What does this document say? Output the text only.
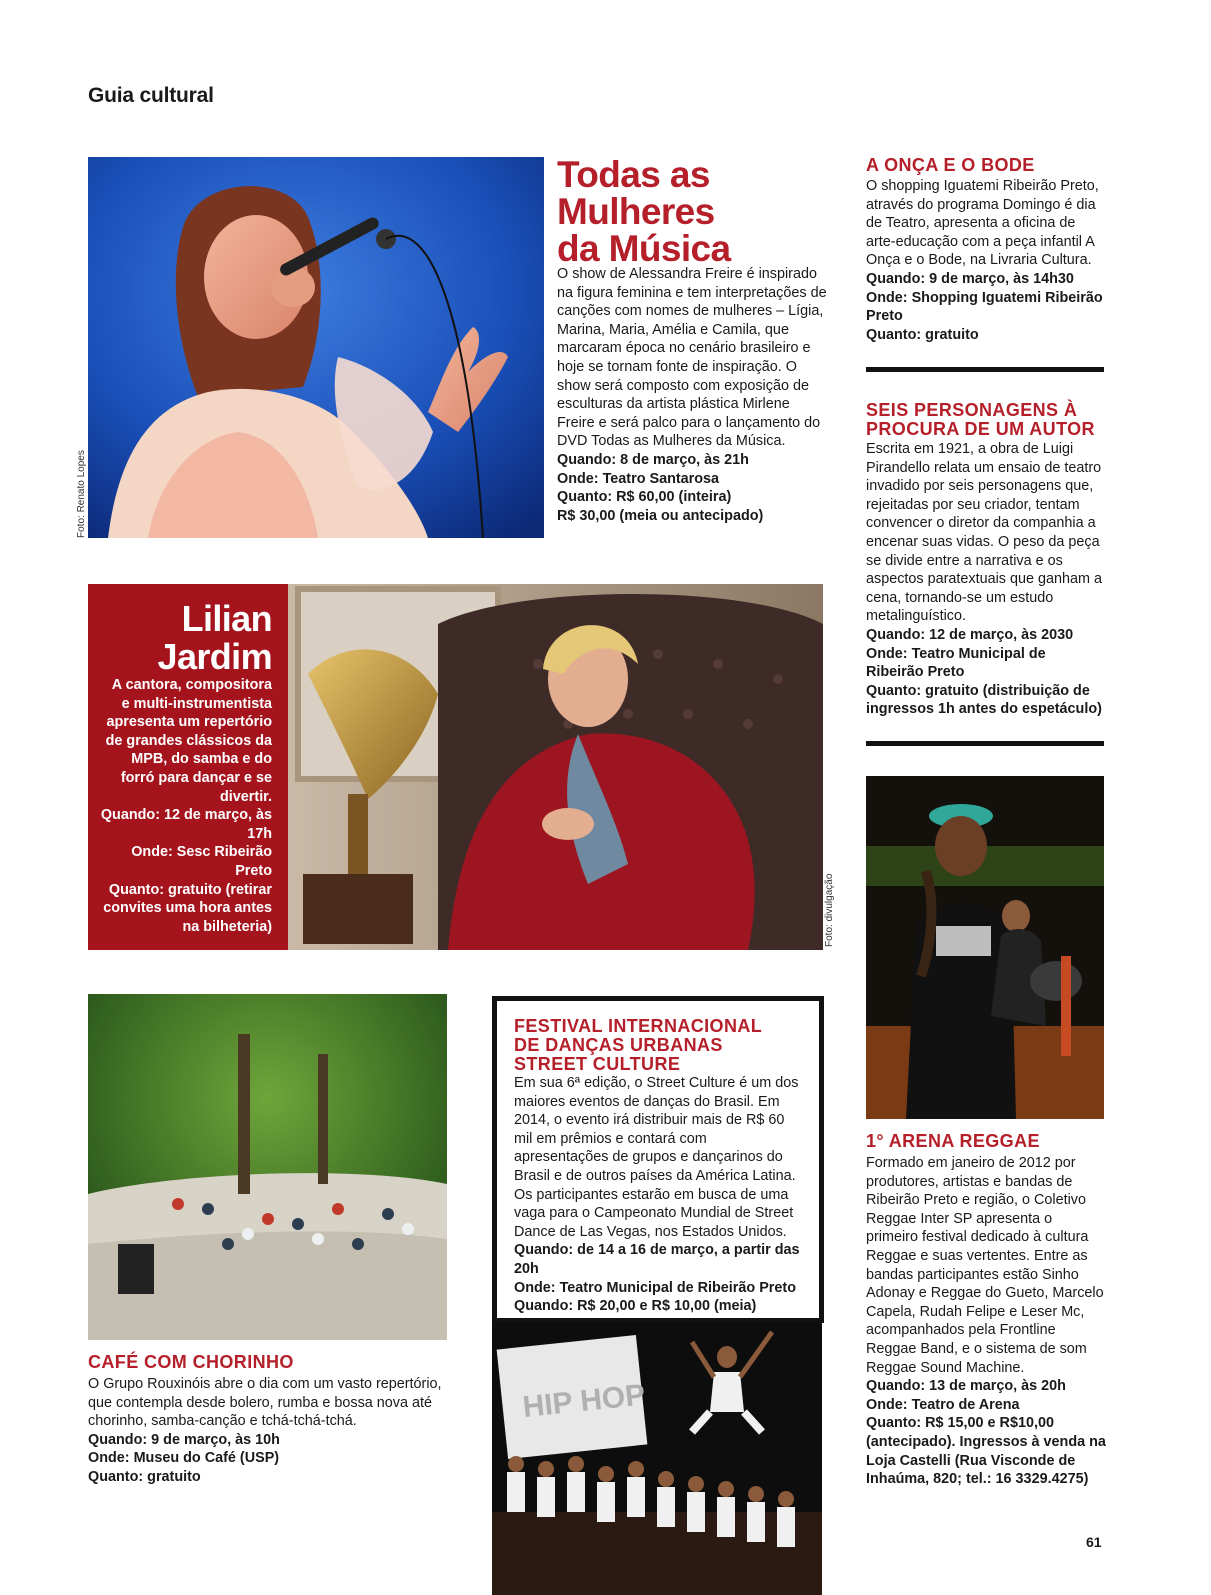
Guia cultural
Foto: Renato Lopes
Todas as
Mulheres
da Música

O show de Alessandra Freire é inspirado na figura feminina e tem interpretações de canções com nomes de mulheres – Lígia, Marina, Maria, Amélia e Camila, que marcaram época no cenário brasileiro e hoje se tornam fonte de inspiração. O show será composto com exposição de esculturas da artista plástica Mirlene Freire e será palco para o lançamento do DVD Todas as Mulheres da Música.

Quando: 8 de março, às 21h

Onde: Teatro Santarosa

Quanto: R$ 60,00 (inteira)

R$ 30,00 (meia ou antecipado)

Lilian
Jardim

A cantora, compositora e multi-instrumentista apresenta um repertório de grandes clássicos da MPB, do samba e do forró para dançar e se divertir.

Quando: 12 de março, às 17h

Onde: Sesc Ribeirão Preto

Quanto: gratuito (retirar convites uma hora antes na bilheteria)	Foto: divulgação
A ONÇA E O BODE

O shopping Iguatemi Ribeirão Preto, através do programa Domingo é dia de Teatro, apresenta a oficina de arte-educação com a peça infantil A Onça e o Bode, na Livraria Cultura.

Quando: 9 de março, às 14h30

Onde: Shopping Iguatemi Ribeirão Preto

Quanto: gratuito

SEIS PERSONAGENS À PROCURA DE UM AUTOR

Escrita em 1921, a obra de Luigi Pirandello relata um ensaio de teatro invadido por seis personagens que, rejeitadas por seu criador, tentam convencer o diretor da companhia a encenar suas vidas. O peso da peça se divide entre a narrativa e os aspectos paratextuais que ganham a cena, tornando-se um estudo metalinguístico.

Quando: 12 de março, às 2030

Onde: Teatro Municipal de Ribeirão Preto

Quanto: gratuito (distribuição de ingressos 1h antes do espetáculo)

1° ARENA REGGAE

Formado em janeiro de 2012 por produtores, artistas e bandas de Ribeirão Preto e região, o Coletivo Reggae Inter SP apresenta o primeiro festival dedicado à cultura Reggae e suas vertentes. Entre as bandas participantes estão Sinho Adonay e Reggae do Gueto, Marcelo Capela, Rudah Felipe e Leser Mc, acompanhados pela Frontline Reggae Band, e o sistema de som Reggae Sound Machine.

Quando: 13 de março, às 20h

Onde: Teatro de Arena

Quanto: R$ 15,00 e R$10,00 (antecipado). Ingressos à venda na Loja Castelli (Rua Visconde de Inhaúma, 820; tel.: 16 3329.4275)

CAFÉ COM CHORINHO

O Grupo Rouxinóis abre o dia com um vasto repertório, que contempla desde bolero, rumba e bossa nova até chorinho, samba-canção e tchá-tchá-tchá.

Quando: 9 de março, às 10h

Onde: Museu do Café (USP)

Quanto: gratuito

FESTIVAL INTERNACIONAL DE DANÇAS URBANAS STREET CULTURE

Em sua 6ª edição, o Street Culture é um dos maiores eventos de danças do Brasil. Em 2014, o evento irá distribuir mais de R$ 60 mil em prêmios e contará com apresentações de grupos e dançarinos do Brasil e de outros países da América Latina. Os participantes estarão em busca de uma vaga para o Campeonato Mundial de Street Dance de Las Vegas, nos Estados Unidos.

Quando: de 14 a 16 de março, a partir das 20h

Onde: Teatro Municipal de Ribeirão Preto

Quando: R$ 20,00 e R$ 10,00 (meia)

HIP HOP
61
